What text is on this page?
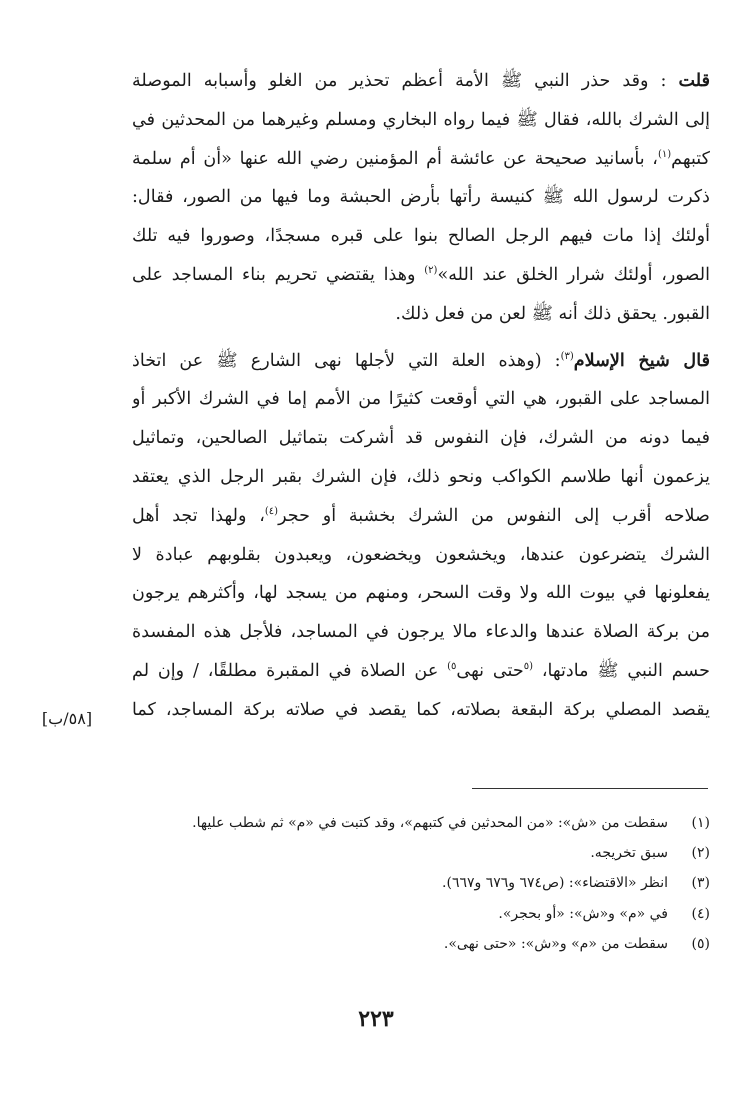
قلت : وقد حذر النبي ﷺ الأمة أعظم تحذير من الغلو وأسبابه الموصلة
إلى الشرك بالله، فقال ﷺ فيما رواه البخاري ومسلم وغيرهما من المحدثين في
كتبهم$^{(١)}$، بأسانيد صحيحة عن عائشة أم المؤمنين رضي الله عنها «أن أم سلمة
ذكرت لرسول الله ﷺ كنيسة رأتها بأرض الحبشة وما فيها من الصور، فقال:
أولئك إذا مات فيهم الرجل الصالح بنوا على قبره مسجدًا، وصوروا فيه تلك
الصور، أولئك شرار الخلق عند الله»$^{(٢)}$ وهذا يقتضي تحريم بناء المساجد على
القبور. يحقق ذلك أنه ﷺ لعن من فعل ذلك.
قال شيخ الإسلام$^{(٣)}$: (وهذه العلة التي لأجلها نهى الشارع ﷺ عن اتخاذ
المساجد على القبور، هي التي أوقعت كثيرًا من الأمم إما في الشرك الأكبر أو
فيما دونه من الشرك، فإن النفوس قد أشركت بتماثيل الصالحين، وتماثيل
يزعمون أنها طلاسم الكواكب ونحو ذلك، فإن الشرك بقبر الرجل الذي يعتقد
صلاحه أقرب إلى النفوس من الشرك بخشبة أو حجر$^{(٤)}$، ولهذا تجد أهل
الشرك يتضرعون عندها، ويخشعون ويخضعون، ويعبدون بقلوبهم عبادة لا
يفعلونها في بيوت الله ولا وقت السحر، ومنهم من يسجد لها، وأكثرهم يرجون
من بركة الصلاة عندها والدعاء مالا يرجون في المساجد، فلأجل هذه المفسدة
حسم النبي ﷺ مادتها، $^{(٥}$حتى نهى$^{٥)}$ عن الصلاة في المقبرة مطلقًا، / وإن لم
يقصد المصلي بركة البقعة بصلاته، كما يقصد في صلاته بركة المساجد، كما
[٥٨/ب]
(١)
سقطت من «ش»: «من المحدثين في كتبهم»، وقد كتبت في «م» ثم شطب عليها.
(٢)
سبق تخريجه.
(٣)
انظر «الاقتضاء»: (ص٦٧٤ و٦٧٦ و٦٦٧).
(٤)
في «م» و«ش»: «أو بحجر».
(٥)
سقطت من «م» و«ش»: «حتى نهى».
٢٢٣
